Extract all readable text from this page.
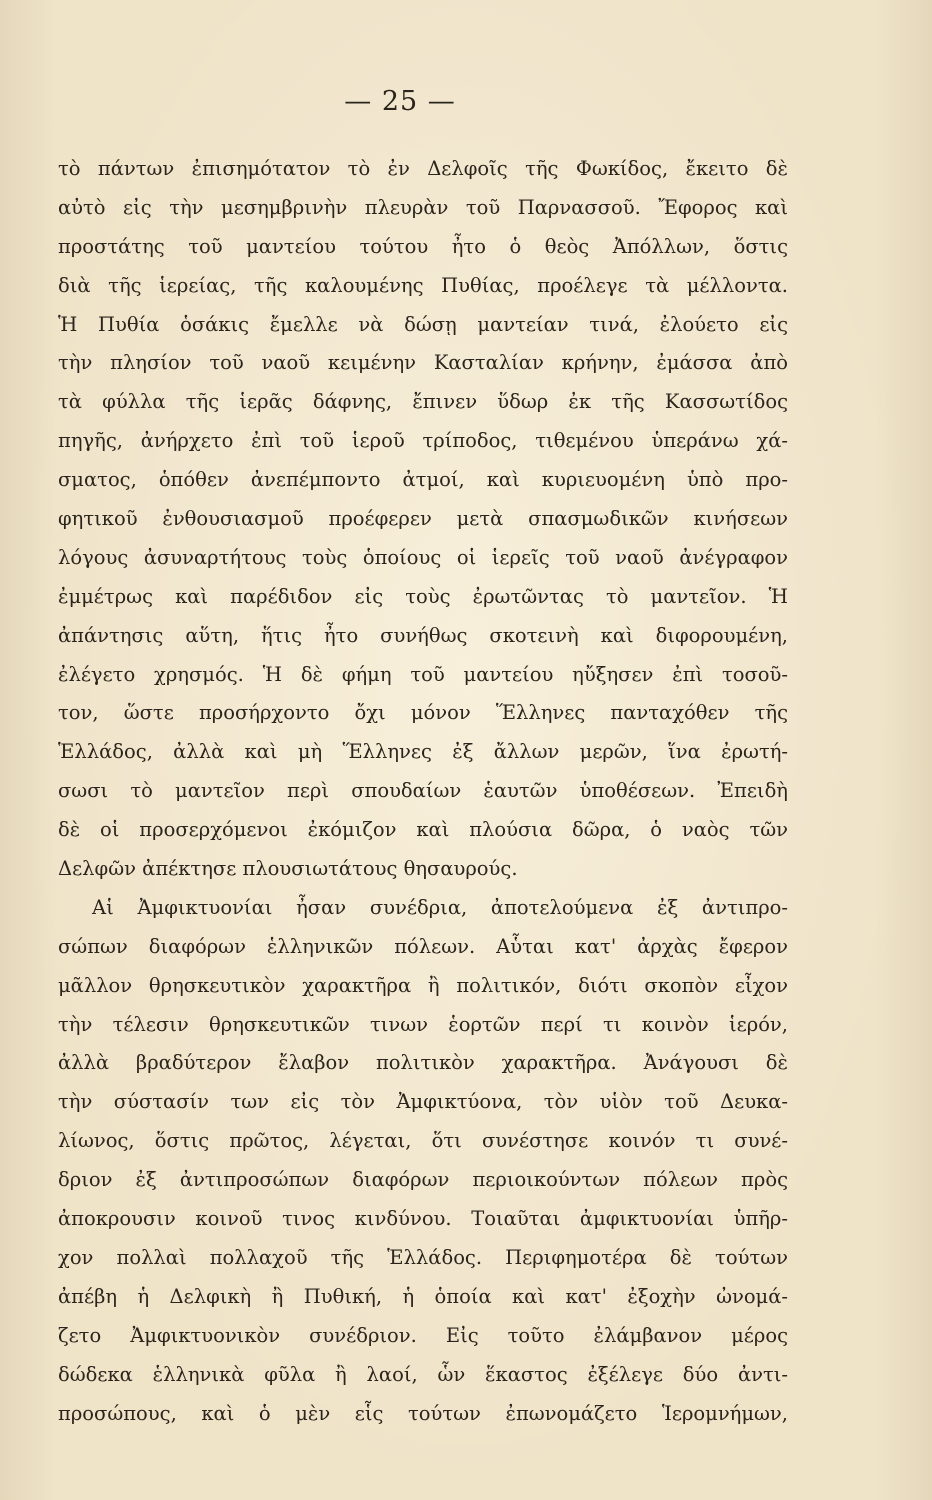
— 25 —
τὸ πάντων ἐπισημότατον τὸ ἐν Δελφοῖς τῆς Φωκίδος, ἔκειτο δὲ
αὐτὸ εἰς τὴν μεσημβρινὴν πλευρὰν τοῦ Παρνασσοῦ. Ἔφορος καὶ
προστάτης τοῦ μαντείου τούτου ἦτο ὁ θεὸς Ἀπόλλων, ὅστις
διὰ τῆς ἱερείας, τῆς καλουμένης Πυθίας, προέλεγε τὰ μέλλοντα.
Ἡ Πυθία ὁσάκις ἔμελλε νὰ δώσῃ μαντείαν τινά, ἐλούετο εἰς
τὴν πλησίον τοῦ ναοῦ κειμένην Κασταλίαν κρήνην, ἐμάσσα ἀπὸ
τὰ φύλλα τῆς ἱερᾶς δάφνης, ἔπινεν ὕδωρ ἐκ τῆς Κασσωτίδος
πηγῆς, ἀνήρχετο ἐπὶ τοῦ ἱεροῦ τρίποδος, τιθεμένου ὑπεράνω χά-
σματος, ὁπόθεν ἀνεπέμποντο ἀτμοί, καὶ κυριευομένη ὑπὸ προ-
φητικοῦ ἐνθουσιασμοῦ προέφερεν μετὰ σπασμωδικῶν κινήσεων
λόγους ἀσυναρτήτους τοὺς ὁποίους οἱ ἱερεῖς τοῦ ναοῦ ἀνέγραφον
ἐμμέτρως καὶ παρέδιδον εἰς τοὺς ἐρωτῶντας τὸ μαντεῖον. Ἡ
ἀπάντησις αὕτη, ἥτις ἦτο συνήθως σκοτεινὴ καὶ διφορουμένη,
ἐλέγετο χρησμός. Ἡ δὲ φήμη τοῦ μαντείου ηὔξησεν ἐπὶ τοσοῦ-
τον, ὥστε προσήρχοντο ὄχι μόνον Ἕλληνες πανταχόθεν τῆς
Ἑλλάδος, ἀλλὰ καὶ μὴ Ἕλληνες ἐξ ἄλλων μερῶν, ἵνα ἐρωτή-
σωσι τὸ μαντεῖον περὶ σπουδαίων ἑαυτῶν ὑποθέσεων. Ἐπειδὴ
δὲ οἱ προσερχόμενοι ἐκόμιζον καὶ πλούσια δῶρα, ὁ ναὸς τῶν
Δελφῶν ἀπέκτησε πλουσιωτάτους θησαυρούς.
Αἱ Ἀμφικτυονίαι ἦσαν συνέδρια, ἀποτελούμενα ἐξ ἀντιπρο-
σώπων διαφόρων ἑλληνικῶν πόλεων. Αὗται κατ' ἀρχὰς ἔφερον
μᾶλλον θρησκευτικὸν χαρακτῆρα ἢ πολιτικόν, διότι σκοπὸν εἶχον
τὴν τέλεσιν θρησκευτικῶν τινων ἑορτῶν περί τι κοινὸν ἱερόν,
ἀλλὰ βραδύτερον ἔλαβον πολιτικὸν χαρακτῆρα. Ἀνάγουσι δὲ
τὴν σύστασίν των εἰς τὸν Ἀμφικτύονα, τὸν υἱὸν τοῦ Δευκα-
λίωνος, ὅστις πρῶτος, λέγεται, ὅτι συνέστησε κοινόν τι συνέ-
δριον ἐξ ἀντιπροσώπων διαφόρων περιοικούντων πόλεων πρὸς
ἀποκρουσιν κοινοῦ τινος κινδύνου. Τοιαῦται ἀμφικτυονίαι ὑπῆρ-
χον πολλαὶ πολλαχοῦ τῆς Ἑλλάδος. Περιφημοτέρα δὲ τούτων
ἀπέβη ἡ Δελφικὴ ἢ Πυθική, ἡ ὁποία καὶ κατ' ἐξοχὴν ὠνομά-
ζετο Ἀμφικτυονικὸν συνέδριον. Εἰς τοῦτο ἐλάμβανον μέρος
δώδεκα ἑλληνικὰ φῦλα ἢ λαοί, ὧν ἕκαστος ἐξέλεγε δύο ἀντι-
προσώπους, καὶ ὁ μὲν εἷς τούτων ἐπωνομάζετο Ἱερομνήμων,
